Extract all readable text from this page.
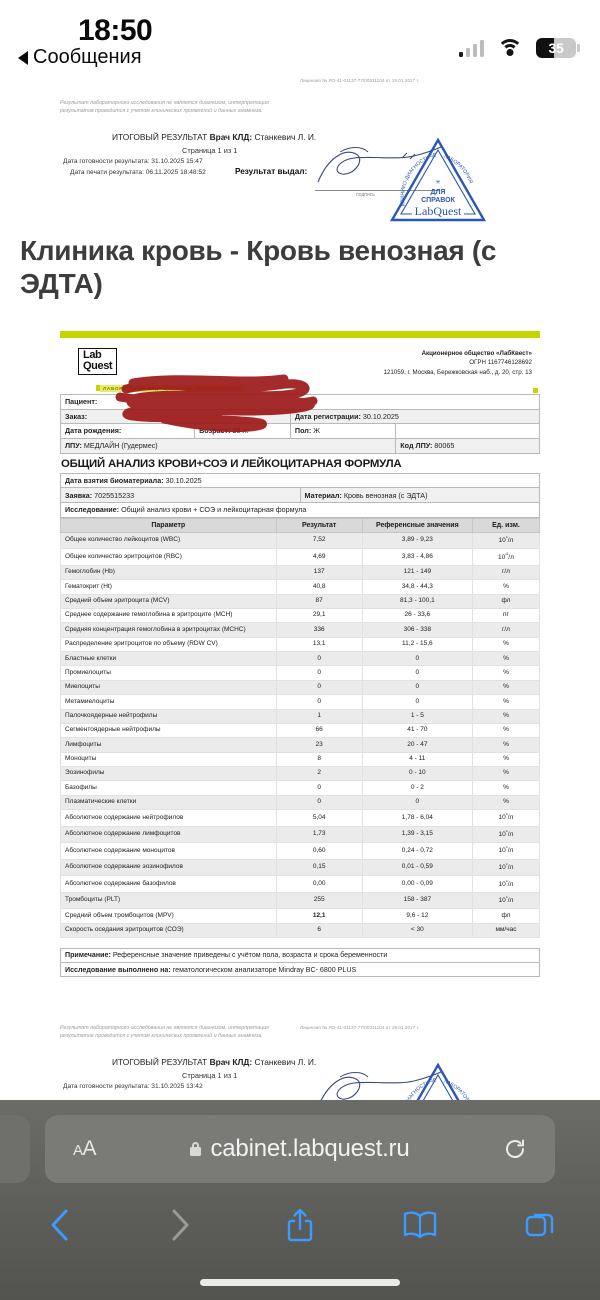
18:50
Сообщения	35
Результат лабораторного исследования не является диагнозом, интерпретация результатов проводится с учетом клинических проявлений и данных анамнеза.
Лицензия № ЛО-41-01137-77/00311104 от 19.01.2017 г.
ИТОГОВЫЙ РЕЗУЛЬТАТ Врач КЛД: Станкевич Л. И.
Страница 1 из 1
Дата готовности результата: 31.10.2025 15:47
Дата печати результата: 06.11.2025 18:48:52	Результат выдал:
подпись
КЛИНИКО-ДИАГНОСТИЧЕ ЛАБОРАТОРИЯ
✳
ДЛЯ
СПРАВОК
LabQuest
Клиника кровь - Кровь венозная (с ЭДТА)
Lab
Quest
ЛАБОРАТОРИЯ БУДУЩЕГО LAB OF THE FUTURE
Акционерное общество «ЛабКвест»
ОГРН 1167746128692
121059, г. Москва, Бережковская наб., д. 20, стр. 13
Пациент:			
Заказ:		Дата регистрации: 30.10.2025	
Дата рождения:	Возраст: 28 л.	Пол: Ж	
ЛПУ: МЕДЛАЙН (Гудермес)			Код ЛПУ: 80065
ОБЩИЙ АНАЛИЗ КРОВИ+СОЭ И ЛЕЙКОЦИТАРНАЯ ФОРМУЛА
Дата взятия биоматериала: 30.10.2025
Заявка: 7025515233	Материал: Кровь венозная (с ЭДТА)
Исследование: Общий анализ крови + СОЭ и лейкоцитарная формула
Параметр	Результат	Референсные значения	Ед. изм.
Общее количество лейкоцитов (WBC)	7,52	3,89 - 9,23	$10^{^9}/л$
Общее количество эритроцитов (RBC)	4,69	3,83 - 4,86	$10^{^{12}}/л$
Гемоглобин (Hb)	137	121 - 149	г/л
Гематокрит (Ht)	40,8	34,8 - 44,3	%
Средний объем эритроцита (MCV)	87	81,3 - 100,1	фл
Среднее содержание гемоглобина в эритроците (MCH)	29,1	26 - 33,6	пг
Средняя концентрация гемоглобина в эритроцитах (MCHC)	336	306 - 338	г/л
Распределение эритроцитов по объему (RDW CV)	13,1	11,2 - 15,6	%
Бластные клетки	0	0	%
Промиелоциты	0	0	%
Миелоциты	0	0	%
Метамиелоциты	0	0	%
Палочкоядерные нейтрофилы	1	1 - 5	%
Сегментоядерные нейтрофилы	66	41 - 70	%
Лимфоциты	23	20 - 47	%
Моноциты	8	4 - 11	%
Эозинофилы	2	0 - 10	%
Базофилы	0	0 - 2	%
Плазматические клетки	0	0	%
Абсолютное содержание нейтрофилов	5,04	1,78 - 6,04	$10^{^9}/л$
Абсолютное содержание лимфоцитов	1,73	1,39 - 3,15	$10^{^9}/л$
Абсолютное содержание моноцитов	0,60	0,24 - 0,72	$10^{^9}/л$
Абсолютное содержание эозинофилов	0,15	0,01 - 0,59	$10^{^9}/л$
Абсолютное содержание базофилов	0,00	0,00 - 0,09	$10^{^9}/л$
Тромбоциты (PLT)	255	158 - 387	$10^{^9}/л$
Средний объем тромбоцитов (MPV)	12,1	9,6 - 12	фл
Скорость оседания эритроцитов (СОЭ)	6	< 30	мм/час
Примечание: Референсные значение приведены с учётом пола, возраста и срока беременности
Исследование выполнено на: гематологическом анализаторе Mindray BC- 6800 PLUS
Результат лабораторного исследования не является диагнозом, интерпретация результатов проводится с учетом клинических проявлений и данных анамнеза.
Лицензия № ЛО-41-01137-77/00311104 от 19.01.2017 г.
ИТОГОВЫЙ РЕЗУЛЬТАТ Врач КЛД: Станкевич Л. И.
Страница 1 из 1
Дата готовности результата: 31.10.2025 13:42
АГНОСТИЧЕ ЛАБОРАТО
AA	cabinet.labquest.ru
